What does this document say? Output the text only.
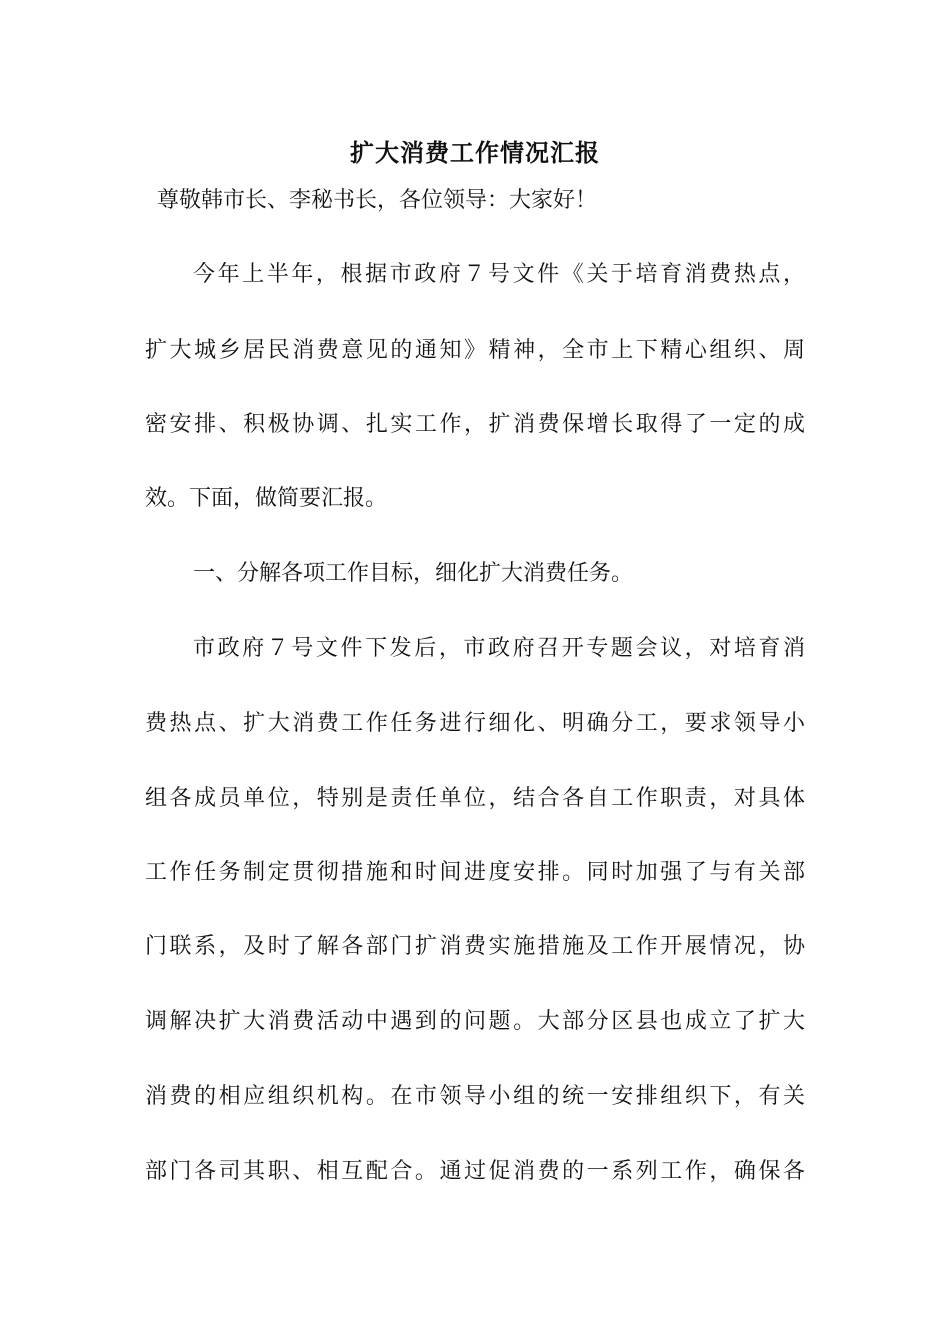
扩大消费工作情况汇报
尊敬韩市长、李秘书长，各位领导：大家好！
今年上半年，根据市政府７号文件《关于培育消费热点，
扩大城乡居民消费意见的通知》精神，全市上下精心组织、周
密安排、积极协调、扎实工作，扩消费保增长取得了一定的成
效。下面，做简要汇报。
一、分解各项工作目标，细化扩大消费任务。
市政府７号文件下发后，市政府召开专题会议，对培育消
费热点、扩大消费工作任务进行细化、明确分工，要求领导小
组各成员单位，特别是责任单位，结合各自工作职责，对具体
工作任务制定贯彻措施和时间进度安排。同时加强了与有关部
门联系，及时了解各部门扩消费实施措施及工作开展情况，协
调解决扩大消费活动中遇到的问题。大部分区县也成立了扩大
消费的相应组织机构。在市领导小组的统一安排组织下，有关
部门各司其职、相互配合。通过促消费的一系列工作，确保各
